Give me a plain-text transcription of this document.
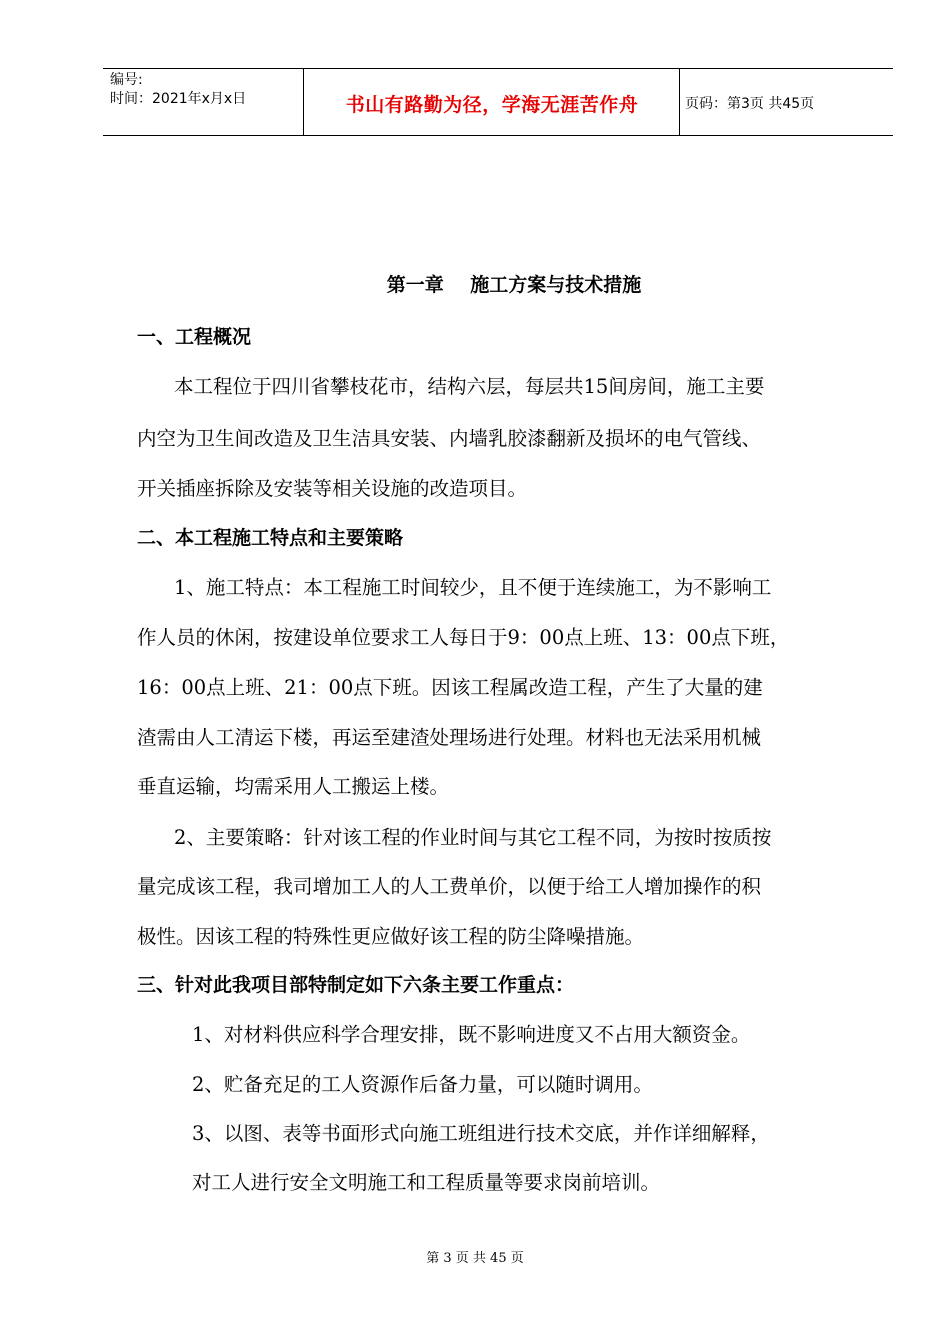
编号:
时间：2021年x月x日	书山有路勤为径，学海无涯苦作舟	页码：第3页 共45页
第一章    施工方案与技术措施
一、工程概况
本工程位于四川省攀枝花市，结构六层，每层共15间房间，施工主要
内空为卫生间改造及卫生洁具安装、内墙乳胶漆翻新及损坏的电气管线、
开关插座拆除及安装等相关设施的改造项目。
二、本工程施工特点和主要策略
1、施工特点：本工程施工时间较少，且不便于连续施工，为不影响工
作人员的休闲，按建设单位要求工人每日于9：00点上班、13：00点下班，
16：00点上班、21：00点下班。因该工程属改造工程，产生了大量的建
渣需由人工清运下楼，再运至建渣处理场进行处理。材料也无法采用机械
垂直运输，均需采用人工搬运上楼。
2、主要策略：针对该工程的作业时间与其它工程不同，为按时按质按
量完成该工程，我司增加工人的人工费单价，以便于给工人增加操作的积
极性。因该工程的特殊性更应做好该工程的防尘降噪措施。
三、针对此我项目部特制定如下六条主要工作重点：
1、对材料供应科学合理安排，既不影响进度又不占用大额资金。
2、贮备充足的工人资源作后备力量，可以随时调用。
3、以图、表等书面形式向施工班组进行技术交底，并作详细解释，
对工人进行安全文明施工和工程质量等要求岗前培训。
第 3 页 共 45 页
